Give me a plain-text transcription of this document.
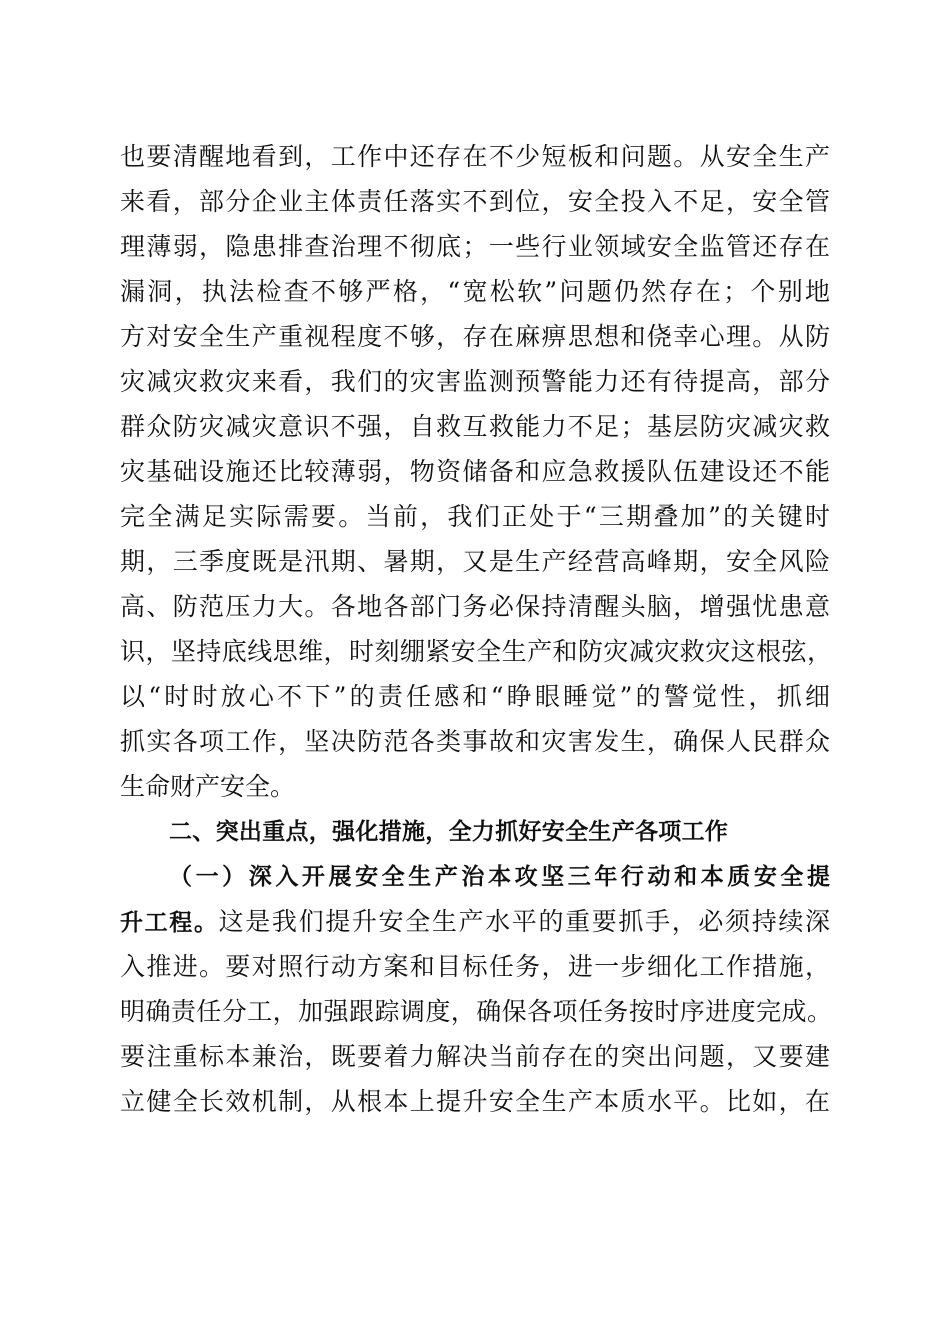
也要清醒地看到，工作中还存在不少短板和问题。从安全生产
来看，部分企业主体责任落实不到位，安全投入不足，安全管
理薄弱，隐患排查治理不彻底；一些行业领域安全监管还存在
漏洞，执法检查不够严格，“宽松软”问题仍然存在；个别地
方对安全生产重视程度不够，存在麻痹思想和侥幸心理。从防
灾减灾救灾来看，我们的灾害监测预警能力还有待提高，部分
群众防灾减灾意识不强，自救互救能力不足；基层防灾减灾救
灾基础设施还比较薄弱，物资储备和应急救援队伍建设还不能
完全满足实际需要。当前，我们正处于“三期叠加”的关键时
期，三季度既是汛期、暑期，又是生产经营高峰期，安全风险
高、防范压力大。各地各部门务必保持清醒头脑，增强忧患意
识，坚持底线思维，时刻绷紧安全生产和防灾减灾救灾这根弦，
以“时时放心不下”的责任感和“睁眼睡觉”的警觉性，抓细
抓实各项工作，坚决防范各类事故和灾害发生，确保人民群众
生命财产安全。
二、突出重点，强化措施，全力抓好安全生产各项工作
（一）深入开展安全生产治本攻坚三年行动和本质安全提
升工程。这是我们提升安全生产水平的重要抓手，必须持续深
入推进。要对照行动方案和目标任务，进一步细化工作措施，
明确责任分工，加强跟踪调度，确保各项任务按时序进度完成。
要注重标本兼治，既要着力解决当前存在的突出问题，又要建
立健全长效机制，从根本上提升安全生产本质水平。比如，在
